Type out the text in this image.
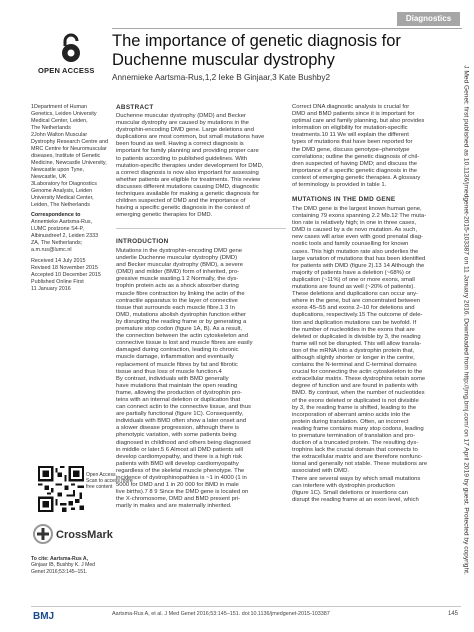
Diagnostics
OPEN ACCESS
The importance of genetic diagnosis for Duchenne muscular dystrophy
Annemieke Aartsma-Rus,1,2 Ieke B Ginjaar,3 Kate Bushby2
1Department of Human
Genetics, Leiden University
Medical Center, Leiden,
The Netherlands
2John Walton Muscular
Dystrophy Research Centre and
MRC Centre for Neuromuscular
diseases, Institute of Genetic
Medicine, Newcastle University,
Newcastle upon Tyne,
Newcastle, UK
3Laboratory for Diagnostics
Genome Analysis, Leiden
University Medical Center,
Leiden, The Netherlands
Correspondence to
Annemieke Aartsma-Rus,
LUMC postzone S4-P,
Albinusdreef 2, Leiden 2333
ZA, The Netherlands;
a.m.rus@lumc.nl
Received 14 July 2015
Revised 18 November 2015
Accepted 10 December 2015
Published Online First
11 January 2016
Open Access
Scan to access more
free content
CrossMark
To cite: Aartsma-Rus A,
Ginjaar IB, Bushby K. J Med
Genet 2016;53:145–151.
ABSTRACT
Duchenne muscular dystrophy (DMD) and Becker
muscular dystrophy are caused by mutations in the
dystrophin-encoding DMD gene. Large deletions and
duplications are most common, but small mutations have
been found as well. Having a correct diagnosis is
important for family planning and providing proper care
to patients according to published guidelines. With
mutation-specific therapies under development for DMD,
a correct diagnosis is now also important for assessing
whether patients are eligible for treatments. This review
discusses different mutations causing DMD, diagnostic
techniques available for making a genetic diagnosis for
children suspected of DMD and the importance of
having a specific genetic diagnosis in the context of
emerging genetic therapies for DMD.
INTRODUCTION
Mutations in the dystrophin-encoding DMD gene
underlie Duchenne muscular dystrophy (DMD)
and Becker muscular dystrophy (BMD), a severe
(DMD) and milder (BMD) form of inherited, pro-
gressive muscle wasting.1 2 Normally, the dys-
trophin protein acts as a shock absorber during
muscle fibre contraction by linking the actin of the
contractile apparatus to the layer of connective
tissue that surrounds each muscle fibre.1 3 In
DMD, mutations abolish dystrophin function either
by disrupting the reading frame or by generating a
premature stop codon (figure 1A, B). As a result,
the connection between the actin cytoskeleton and
connective tissue is lost and muscle fibres are easily
damaged during contraction, leading to chronic
muscle damage, inflammation and eventually
replacement of muscle fibres by fat and fibrotic
tissue and thus loss of muscle function.4
By contrast, individuals with BMD generally
have mutations that maintain the open reading
frame, allowing the production of dystrophin pro-
teins with an internal deletion or duplication that
can connect actin to the connective tissue, and thus
are partially functional (figure 1C). Consequently,
individuals with BMD often show a later onset and
a slower disease progression, although there is
phenotypic variation, with some patients being
diagnosed in childhood and others being diagnosed
in middle or later.5 6 Almost all DMD patients will
develop cardiomyopathy, and there is a high risk
patients with BMD will develop cardiomyopathy
regardless of the skeletal muscle phenotype. The
incidence of dystrophinopathies is ~1 in 4000 (1 in
5000 for DMD and 1 in 20 000 for BMD in male
live births).7 8 9 Since the DMD gene is located on
the X-chromosome, DMD and BMD present pri-
marily in males and are maternally inherited.
Correct DNA diagnostic analysis is crucial for
DMD and BMD patients since it is important for
optimal care and family planning, but also provides
information on eligibility for mutation-specific
treatments.10 11 We will explain the different
types of mutations that have been reported for
the DMD gene, discuss genotype–phenotype
correlations; outline the genetic diagnosis of chil-
dren suspected of having DMD; and discuss the
importance of a specific genetic diagnosis in the
context of emerging genetic therapies. A glossary
of terminology is provided in table 1.
MUTATIONS IN THE DMD GENE
The DMD gene is the largest known human gene,
containing 79 exons spanning 2.2 Mb.12 The muta-
tion rate is relatively high; in one in three cases,
DMD is caused by a de novo mutation. As such,
new cases will arise even with good prenatal diag-
nostic tools and family counselling for known
cases. This high mutation rate also underlies the
large variation of mutations that has been identified
for patients with DMD (figure 2).13 14 Although the
majority of patients have a deletion (~68%) or
duplication (~11%) of one or more exons, small
mutations are found as well (~20% of patients).
These deletions and duplications can occur any-
where in the gene, but are concentrated between
exons 45–55 and exons 2–10 for deletions and
duplications, respectively.15 The outcome of dele-
tion and duplication mutations can be twofold. If
the number of nucleotides in the exons that are
deleted or duplicated is divisible by 3, the reading
frame will not be disrupted. This will allow transla-
tion of the mRNA into a dystrophin protein that,
although slightly shorter or longer in the centre,
contains the N-terminal and C-terminal domains
crucial for connecting the actin cytoskeleton to the
extracellular matrix. These dystrophins retain some
degree of function and are found in patients with
BMD. By contrast, when the number of nucleotides
of the exons deleted or duplicated is not divisible
by 3, the reading frame is shifted, leading to the
incorporation of aberrant amino acids into the
protein during translation. Often, an incorrect
reading frame contains many stop codons, leading
to premature termination of translation and pro-
duction of a truncated protein. The resulting dys-
trophins lack the crucial domain that connects to
the extracellular matrix and are therefore nonfunc-
tional and generally not stable. These mutations are
associated with DMD.
There are several ways by which small mutations
can interfere with dystrophin production
(figure 1C). Small deletions or insertions can
disrupt the reading frame at an exon level, which
BMJ	Aartsma-Rus A, et al. J Med Genet 2016;53:145–151. doi:10.1136/jmedgenet-2015-103387	145
J Med Genet: first published as 10.1136/jmedgenet-2015-103387 on 11 January 2016. Downloaded from http://jmg.bmj.com/ on 17 April 2019 by guest. Protected by copyright.
